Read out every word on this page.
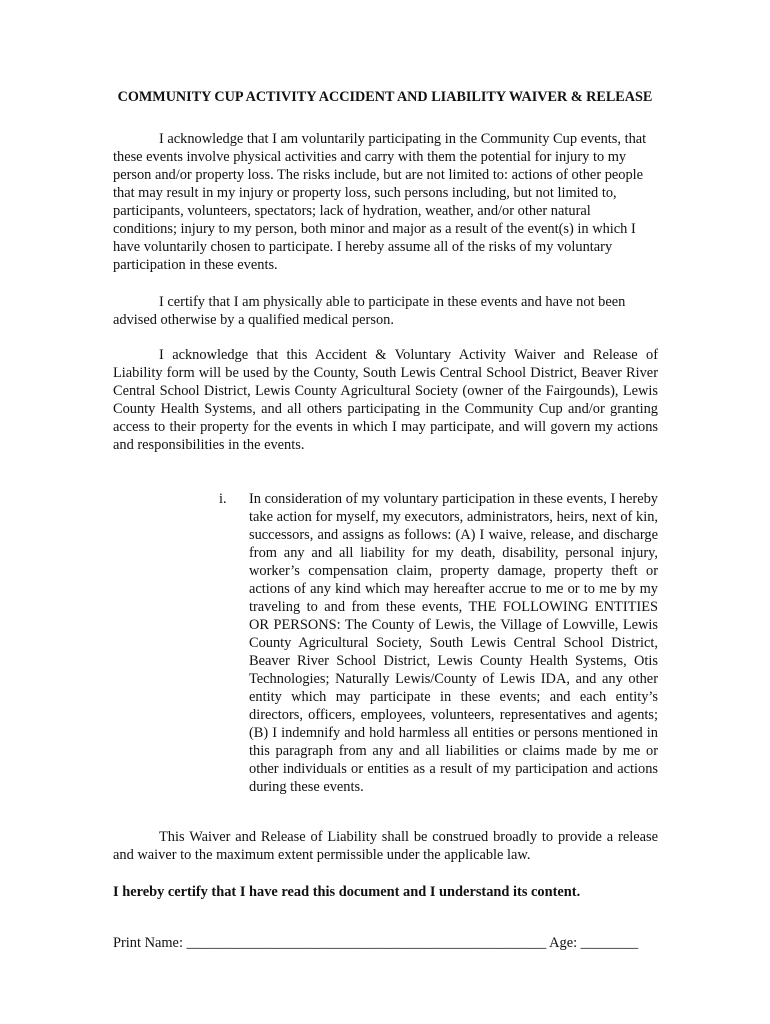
COMMUNITY CUP ACTIVITY ACCIDENT AND LIABILITY WAIVER & RELEASE

I acknowledge that I am voluntarily participating in the Community Cup events, that these events involve physical activities and carry with them the potential for injury to my person and/or property loss. The risks include, but are not limited to: actions of other people that may result in my injury or property loss, such persons including, but not limited to, participants, volunteers, spectators; lack of hydration, weather, and/or other natural conditions; injury to my person, both minor and major as a result of the event(s) in which I have voluntarily chosen to participate. I hereby assume all of the risks of my voluntary participation in these events.

I certify that I am physically able to participate in these events and have not been advised otherwise by a qualified medical person.

I acknowledge that this Accident & Voluntary Activity Waiver and Release of Liability form will be used by the County, South Lewis Central School District, Beaver River Central School District, Lewis County Agricultural Society (owner of the Fairgounds), Lewis County Health Systems, and all others participating in the Community Cup and/or granting access to their property for the events in which I may participate, and will govern my actions and responsibilities in the events.

i. In consideration of my voluntary participation in these events, I hereby take action for myself, my executors, administrators, heirs, next of kin, successors, and assigns as follows: (A) I waive, release, and discharge from any and all liability for my death, disability, personal injury, worker’s compensation claim, property damage, property theft or actions of any kind which may hereafter accrue to me or to me by my traveling to and from these events, THE FOLLOWING ENTITIES OR PERSONS: The County of Lewis, the Village of Lowville, Lewis County Agricultural Society, South Lewis Central School District, Beaver River School District, Lewis County Health Systems, Otis Technologies; Naturally Lewis/County of Lewis IDA, and any other entity which may participate in these events; and each entity’s directors, officers, employees, volunteers, representatives and agents; (B) I indemnify and hold harmless all entities or persons mentioned in this paragraph from any and all liabilities or claims made by me or other individuals or entities as a result of my participation and actions during these events.

This Waiver and Release of Liability shall be construed broadly to provide a release and waiver to the maximum extent permissible under the applicable law.

I hereby certify that I have read this document and I understand its content.

Print Name: __________________________________________________ Age: ________
